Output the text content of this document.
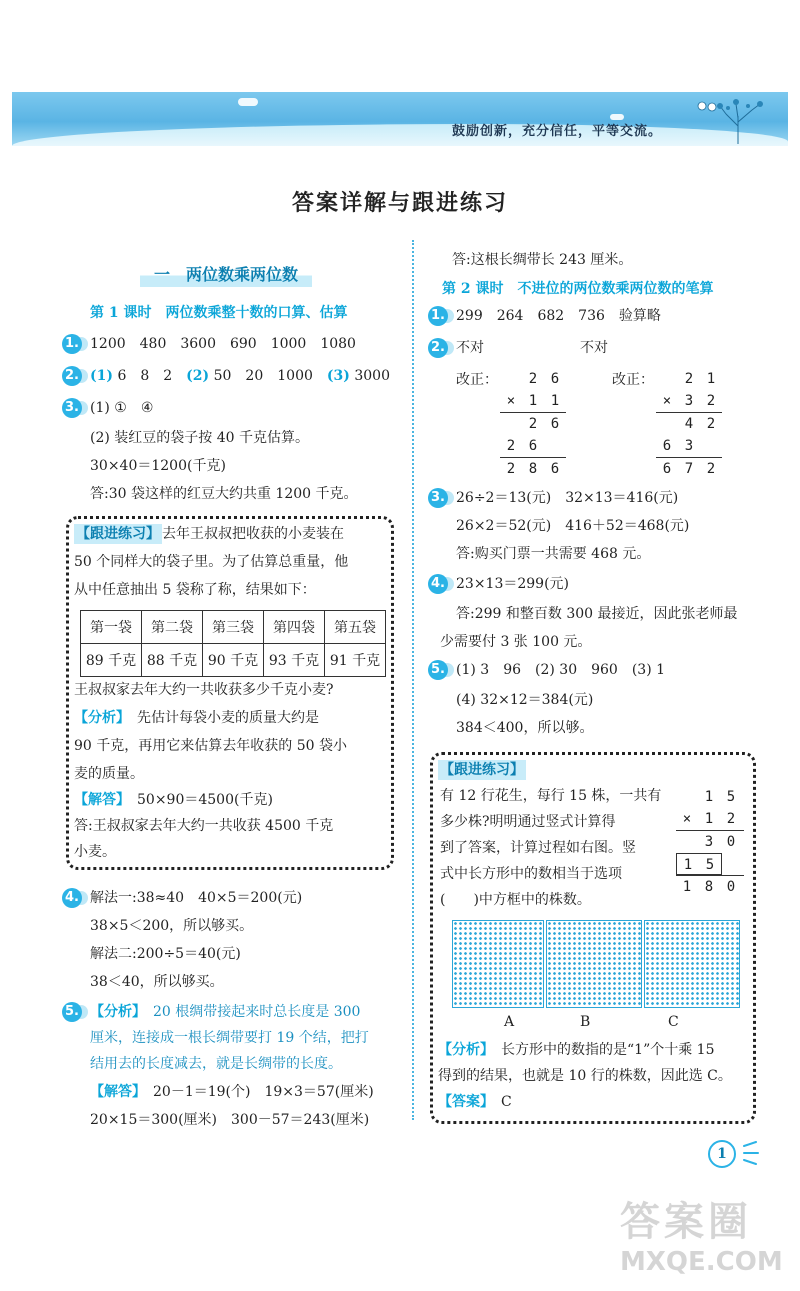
鼓励创新，充分信任，平等交流。
答案详解与跟进练习
一　两位数乘两位数
第 1 课时　两位数乘整十数的口算、估算
1. 1200　480　3600　690　1000　1080
2. (1) 6　8　2　(2) 50　20　1000　(3) 3000
3. (1) ①　④
(2) 装红豆的袋子按 40 千克估算。
30×40＝1200(千克)
答:30 袋这样的红豆大约共重 1200 千克。
【跟进练习】 去年王叔叔把收获的小麦装在
50 个同样大的袋子里。为了估算总重量，他
从中任意抽出 5 袋称了称，结果如下：
第一袋	第二袋	第三袋	第四袋	第五袋
89 千克	88 千克	90 千克	93 千克	91 千克
王叔叔家去年大约一共收获多少千克小麦?
【分析】　先估计每袋小麦的质量大约是
90 千克，再用它来估算去年收获的 50 袋小
麦的质量。
【解答】　50×90＝4500(千克)
答:王叔叔家去年大约一共收获 4500 千克
小麦。
4. 解法一:38≈40　40×5＝200(元)
38×5＜200，所以够买。
解法二:200÷5＝40(元)
38＜40，所以够买。
5. 【分析】　20 根绸带接起来时总长度是 300
厘米，连接成一根长绸带要打 19 个结，把打
结用去的长度减去，就是长绸带的长度。
【解答】　20－1＝19(个)　19×3＝57(厘米)
20×15＝300(厘米)　300－57＝243(厘米)
答:这根长绸带长 243 厘米。
第 2 课时　不进位的两位数乘两位数的笔算
1. 299　264　682　736　验算略
2. 不对	不对
改正：	改正：
2 6
× 1 1
2 6
2 6
2 8 6
2 1
× 3 2
4 2
6 3
6 7 2
3. 26÷2＝13(元)　32×13＝416(元)
26×2＝52(元)　416＋52＝468(元)
答:购买门票一共需要 468 元。
4. 23×13＝299(元)
答:299 和整百数 300 最接近，因此张老师最
少需要付 3 张 100 元。
5. (1) 3　96　(2) 30　960　(3) 1
(4) 32×12＝384(元)
384＜400，所以够。
【跟进练习】
有 12 行花生，每行 15 株，一共有
多少株?明明通过竖式计算得
到了答案，计算过程如右图。竖
式中长方形中的数相当于选项
(　　)中方框中的株数。
1 5
× 1 2
3 0
1 5
1 8 0
A	B	C
【分析】　长方形中的数指的是“1”个十乘 15
得到的结果，也就是 10 行的株数，因此选 C。
【答案】　C
1
答案圈
MXQE.COM
